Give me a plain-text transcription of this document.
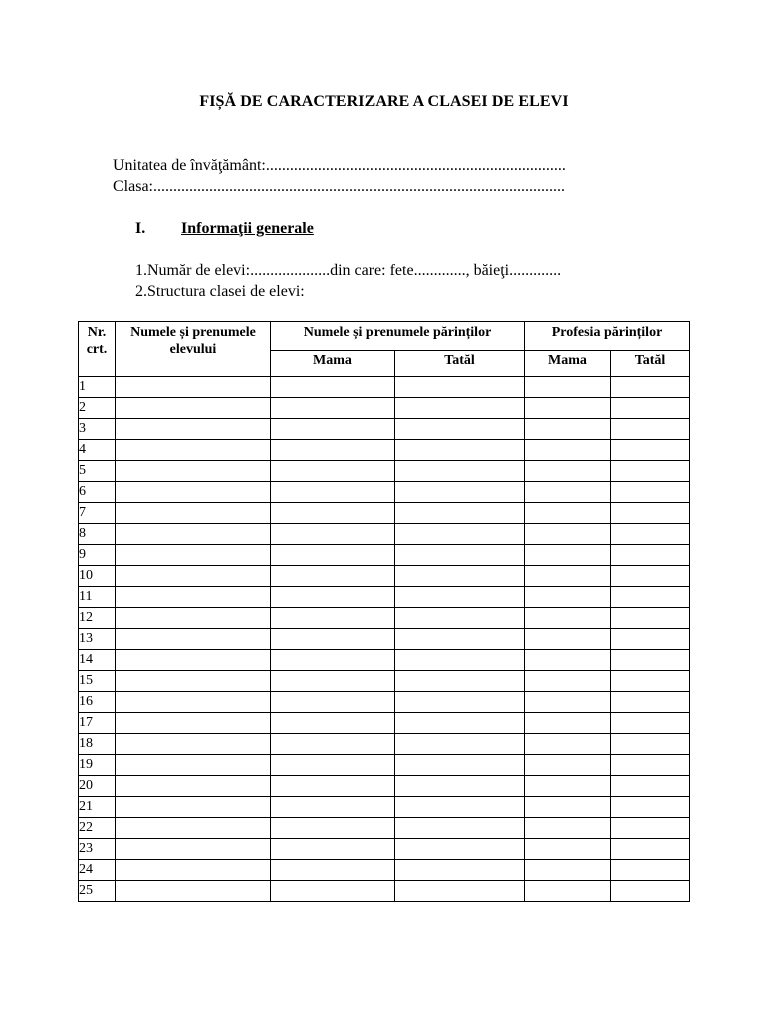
FIȘĂ DE CARACTERIZARE A CLASEI DE ELEVI
Unitatea de învăţământ:...........................................................................
Clasa:.......................................................................................................
I. Informaţii generale
1.Număr de elevi:....................din care: fete............., băieţi.............
2.Structura clasei de elevi:
Nr. crt.	Numele și prenumele elevului	Numele și prenumele părinților		Profesia părinților	
		Mama	Tatăl	Mama	Tatăl
1					
2					
3					
4					
5					
6					
7					
8					
9					
10					
11					
12					
13					
14					
15					
16					
17					
18					
19					
20					
21					
22					
23					
24					
25					
